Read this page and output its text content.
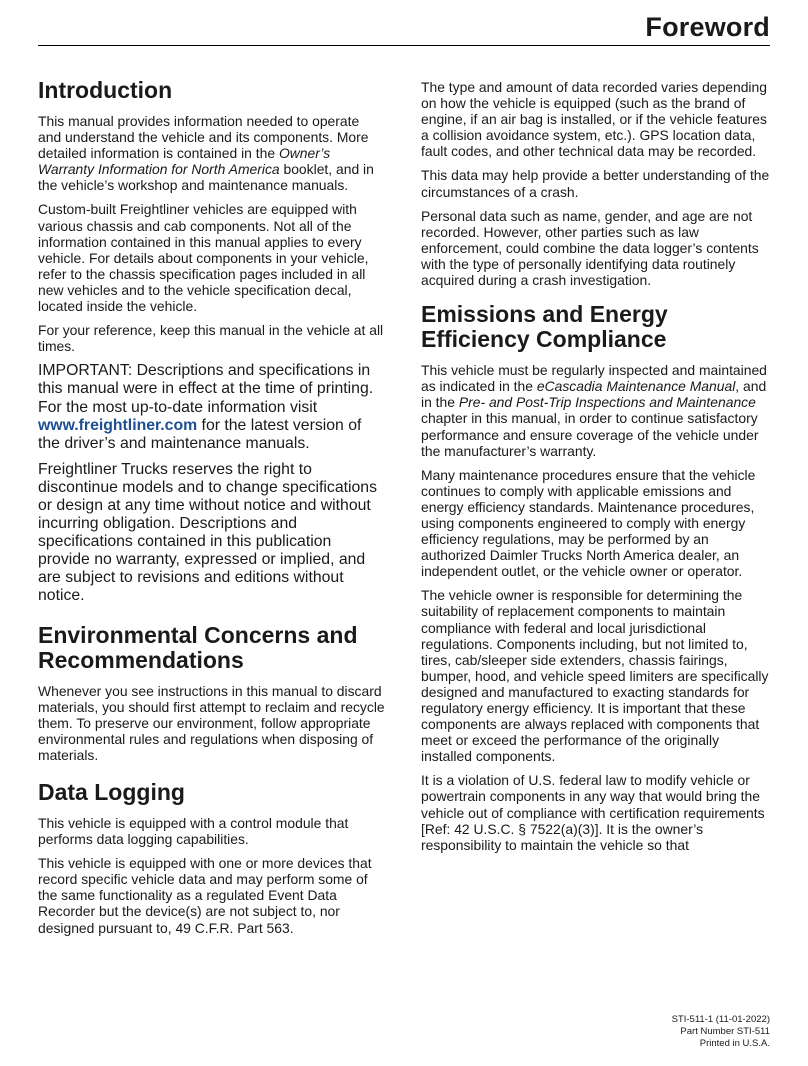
Foreword
Introduction

This manual provides information needed to operate and understand the vehicle and its components. More detailed information is contained in the Owner’s Warranty Information for North America booklet, and in the vehicle’s workshop and maintenance manuals.

Custom-built Freightliner vehicles are equipped with various chassis and cab components. Not all of the information contained in this manual applies to every vehicle. For details about components in your vehicle, refer to the chassis specification pages included in all new vehicles and to the vehicle specification decal, located inside the vehicle.

For your reference, keep this manual in the vehicle at all times.

IMPORTANT: Descriptions and specifications in this manual were in effect at the time of printing. For the most up-to-date information visit www.freightliner.com for the latest version of the driver’s and maintenance manuals.

Freightliner Trucks reserves the right to discontinue models and to change specifications or design at any time without notice and without incurring obligation. Descriptions and specifications contained in this publication provide no warranty, expressed or implied, and are subject to revisions and editions without notice.

Environmental Concerns and Recommendations

Whenever you see instructions in this manual to discard materials, you should first attempt to reclaim and recycle them. To preserve our environment, follow appropriate environmental rules and regulations when disposing of materials.

Data Logging

This vehicle is equipped with a control module that performs data logging capabilities.

This vehicle is equipped with one or more devices that record specific vehicle data and may perform some of the same functionality as a regulated Event Data Recorder but the device(s) are not subject to, nor designed pursuant to, 49 C.F.R. Part 563.

The type and amount of data recorded varies depending on how the vehicle is equipped (such as the brand of engine, if an air bag is installed, or if the vehicle features a collision avoidance system, etc.). GPS location data, fault codes, and other technical data may be recorded.

This data may help provide a better understanding of the circumstances of a crash.

Personal data such as name, gender, and age are not recorded. However, other parties such as law enforcement, could combine the data logger’s contents with the type of personally identifying data routinely acquired during a crash investigation.

Emissions and Energy Efficiency Compliance

This vehicle must be regularly inspected and maintained as indicated in the eCascadia Maintenance Manual, and in the Pre- and Post-Trip Inspections and Maintenance chapter in this manual, in order to continue satisfactory performance and ensure coverage of the vehicle under the manufacturer’s warranty.

Many maintenance procedures ensure that the vehicle continues to comply with applicable emissions and energy efficiency standards. Maintenance procedures, using components engineered to comply with energy efficiency regulations, may be performed by an authorized Daimler Trucks North America dealer, an independent outlet, or the vehicle owner or operator.

The vehicle owner is responsible for determining the suitability of replacement components to maintain compliance with federal and local jurisdictional regulations. Components including, but not limited to, tires, cab/sleeper side extenders, chassis fairings, bumper, hood, and vehicle speed limiters are specifically designed and manufactured to exacting standards for regulatory energy efficiency. It is important that these components are always replaced with components that meet or exceed the performance of the originally installed components.

It is a violation of U.S. federal law to modify vehicle or powertrain components in any way that would bring the vehicle out of compliance with certification requirements [Ref: 42 U.S.C. § 7522(a)(3)]. It is the owner’s responsibility to maintain the vehicle so that

STI-511-1 (11-01-2022)
Part Number STI-511
Printed in U.S.A.
